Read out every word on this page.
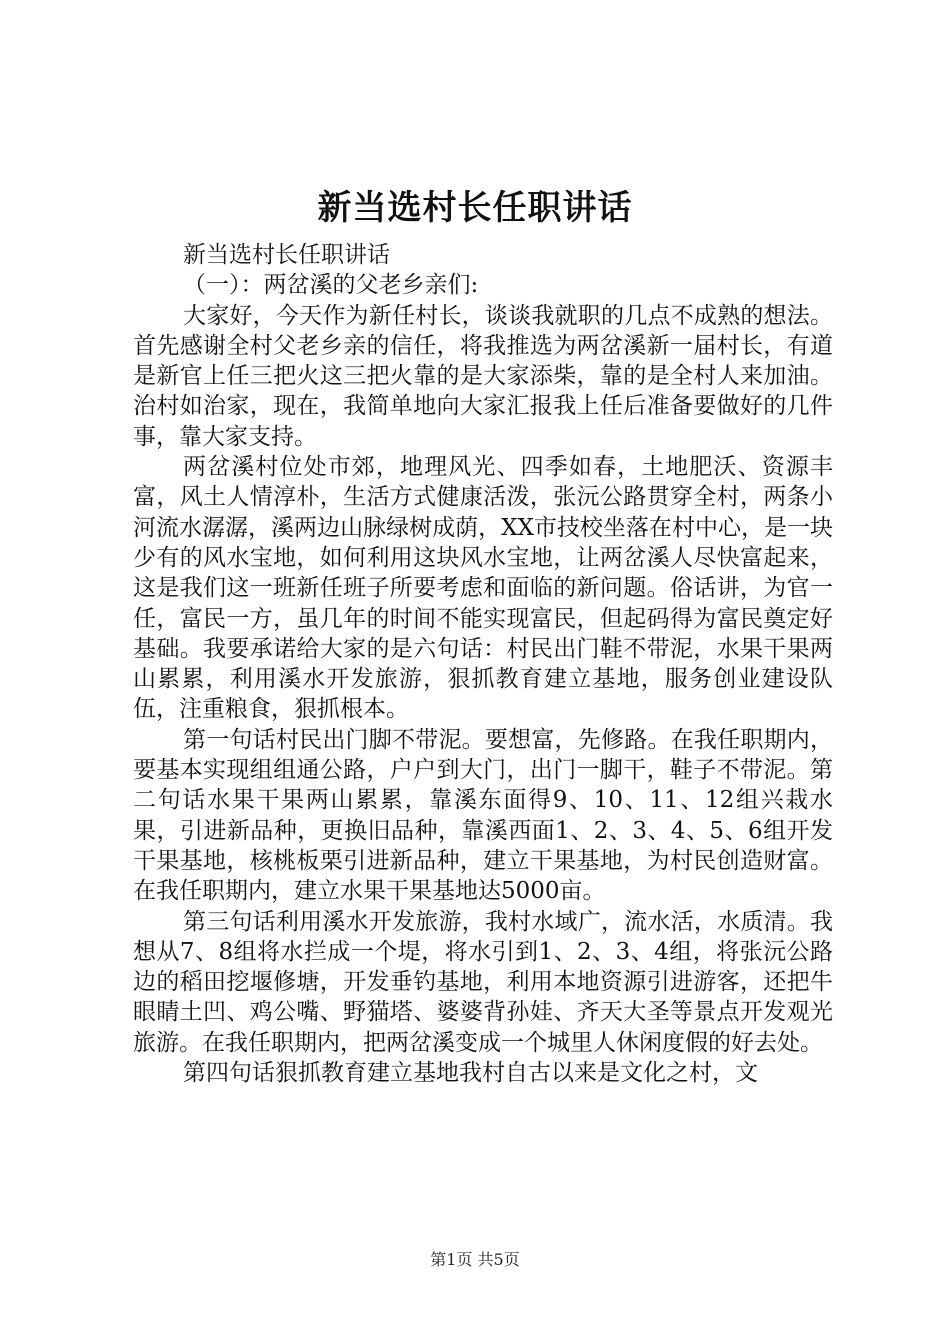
新当选村长任职讲话

新当选村长任职讲话

（一）：两岔溪的父老乡亲们:

大家好，今天作为新任村长，谈谈我就职的几点不成熟的想法。首先感谢全村父老乡亲的信任，将我推选为两岔溪新一届村长，有道是新官上任三把火这三把火靠的是大家添柴，靠的是全村人来加油。治村如治家，现在，我简单地向大家汇报我上任后准备要做好的几件事，靠大家支持。

两岔溪村位处市郊，地理风光、四季如春，土地肥沃、资源丰富，风土人情淳朴，生活方式健康活泼，张沅公路贯穿全村，两条小河流水潺潺，溪两边山脉绿树成荫，XX市技校坐落在村中心，是一块少有的风水宝地，如何利用这块风水宝地，让两岔溪人尽快富起来，这是我们这一班新任班子所要考虑和面临的新问题。俗话讲，为官一任，富民一方，虽几年的时间不能实现富民，但起码得为富民奠定好基础。我要承诺给大家的是六句话：村民出门鞋不带泥，水果干果两山累累，利用溪水开发旅游，狠抓教育建立基地，服务创业建设队伍，注重粮食，狠抓根本。

第一句话村民出门脚不带泥。要想富，先修路。在我任职期内，要基本实现组组通公路，户户到大门，出门一脚干，鞋子不带泥。第二句话水果干果两山累累，靠溪东面得9、10、11、12组兴栽水果，引进新品种，更换旧品种，靠溪西面1、2、3、4、5、6组开发干果基地，核桃板栗引进新品种，建立干果基地，为村民创造财富。在我任职期内，建立水果干果基地达5000亩。

第三句话利用溪水开发旅游，我村水域广，流水活，水质清。我想从7、8组将水拦成一个堤，将水引到1、2、3、4组，将张沅公路边的稻田挖堰修塘，开发垂钓基地，利用本地资源引进游客，还把牛眼睛土凹、鸡公嘴、野猫塔、婆婆背孙娃、齐天大圣等景点开发观光旅游。在我任职期内，把两岔溪变成一个城里人休闲度假的好去处。

第四句话狠抓教育建立基地我村自古以来是文化之村，文

第1页 共5页
